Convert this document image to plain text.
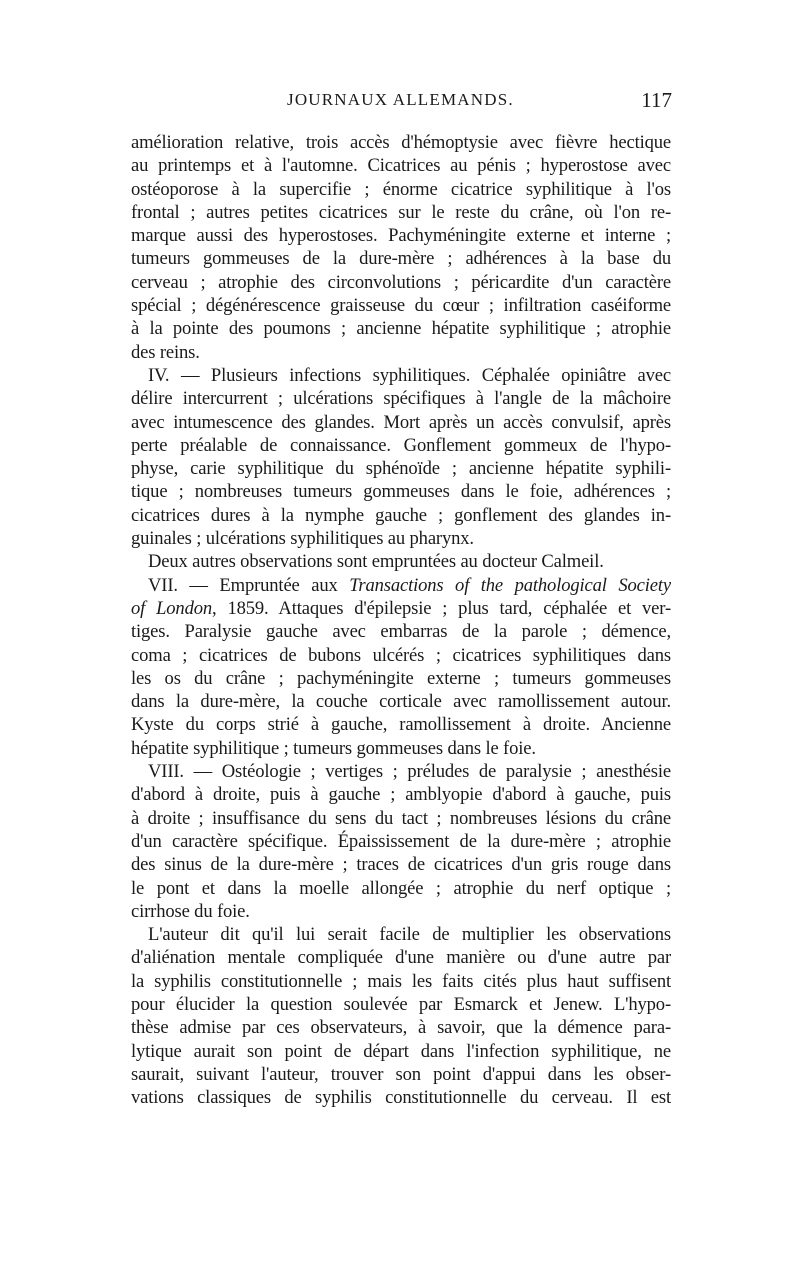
JOURNAUX ALLEMANDS.	117

amélioration relative, trois accès d'hémoptysie avec fièvre hectique

au printemps et à l'automne. Cicatrices au pénis ; hyperostose avec

ostéoporose à la supercifie ; énorme cicatrice syphilitique à l'os

frontal ; autres petites cicatrices sur le reste du crâne, où l'on re-

marque aussi des hyperostoses. Pachyméningite externe et interne ;

tumeurs gommeuses de la dure-mère ; adhérences à la base du

cerveau ; atrophie des circonvolutions ; péricardite d'un caractère

spécial ; dégénérescence graisseuse du cœur ; infiltration caséiforme

à la pointe des poumons ; ancienne hépatite syphilitique ; atrophie

des reins.

IV. — Plusieurs infections syphilitiques. Céphalée opiniâtre avec

délire intercurrent ; ulcérations spécifiques à l'angle de la mâchoire

avec intumescence des glandes. Mort après un accès convulsif, après

perte préalable de connaissance. Gonflement gommeux de l'hypo-

physe, carie syphilitique du sphénoïde ; ancienne hépatite syphili-

tique ; nombreuses tumeurs gommeuses dans le foie, adhérences ;

cicatrices dures à la nymphe gauche ; gonflement des glandes in-

guinales ; ulcérations syphilitiques au pharynx.

Deux autres observations sont empruntées au docteur Calmeil.

VII. — Empruntée aux Transactions of the pathological Society

of London, 1859. Attaques d'épilepsie ; plus tard, céphalée et ver-

tiges. Paralysie gauche avec embarras de la parole ; démence,

coma ; cicatrices de bubons ulcérés ; cicatrices syphilitiques dans

les os du crâne ; pachyméningite externe ; tumeurs gommeuses

dans la dure-mère, la couche corticale avec ramollissement autour.

Kyste du corps strié à gauche, ramollissement à droite. Ancienne

hépatite syphilitique ; tumeurs gommeuses dans le foie.

VIII. — Ostéologie ; vertiges ; préludes de paralysie ; anesthésie

d'abord à droite, puis à gauche ; amblyopie d'abord à gauche, puis

à droite ; insuffisance du sens du tact ; nombreuses lésions du crâne

d'un caractère spécifique. Épaississement de la dure-mère ; atrophie

des sinus de la dure-mère ; traces de cicatrices d'un gris rouge dans

le pont et dans la moelle allongée ; atrophie du nerf optique ;

cirrhose du foie.

L'auteur dit qu'il lui serait facile de multiplier les observations

d'aliénation mentale compliquée d'une manière ou d'une autre par

la syphilis constitutionnelle ; mais les faits cités plus haut suffisent

pour élucider la question soulevée par Esmarck et Jenew. L'hypo-

thèse admise par ces observateurs, à savoir, que la démence para-

lytique aurait son point de départ dans l'infection syphilitique, ne

saurait, suivant l'auteur, trouver son point d'appui dans les obser-

vations classiques de syphilis constitutionnelle du cerveau. Il est
